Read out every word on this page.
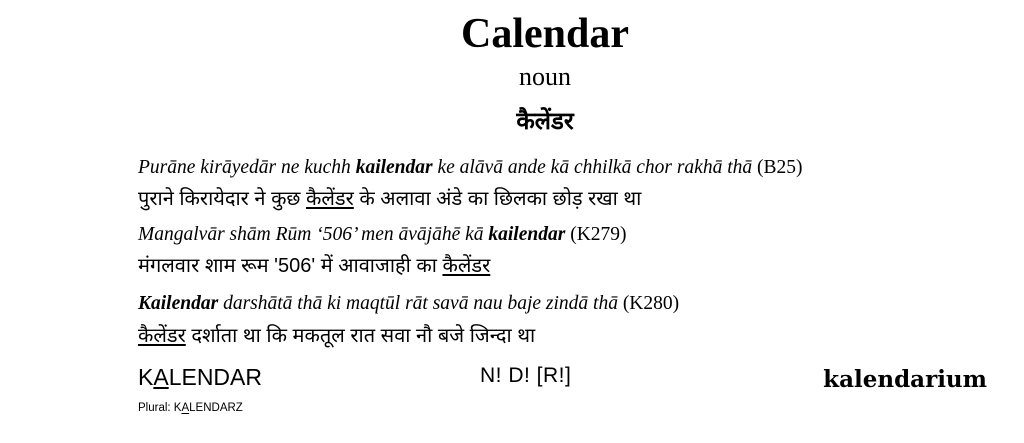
Calendar
noun
कैलेंडर
Purāne kirāyedār ne kuchh kailendar ke alāvā ande kā chhilkā chor rakhā thā (B25)
पुराने किरायेदार ने कुछ कैलेंडर के अलावा अंडे का छिलका छोड़ रखा था
Mangalvār shām Rūm ‘506’ men āvājāhē kā kailendar (K279)
मंगलवार शाम रूम '506' में आवाजाही का कैलेंडर
Kailendar darshātā thā ki maqtūl rāt savā nau baje zindā thā (K280)
कैलेंडर दर्शाता था कि मकतूल रात सवा नौ बजे जिन्दा था
KALENDAR	N! D! [R!]	kalendarium
Plural: KALENDARZ
